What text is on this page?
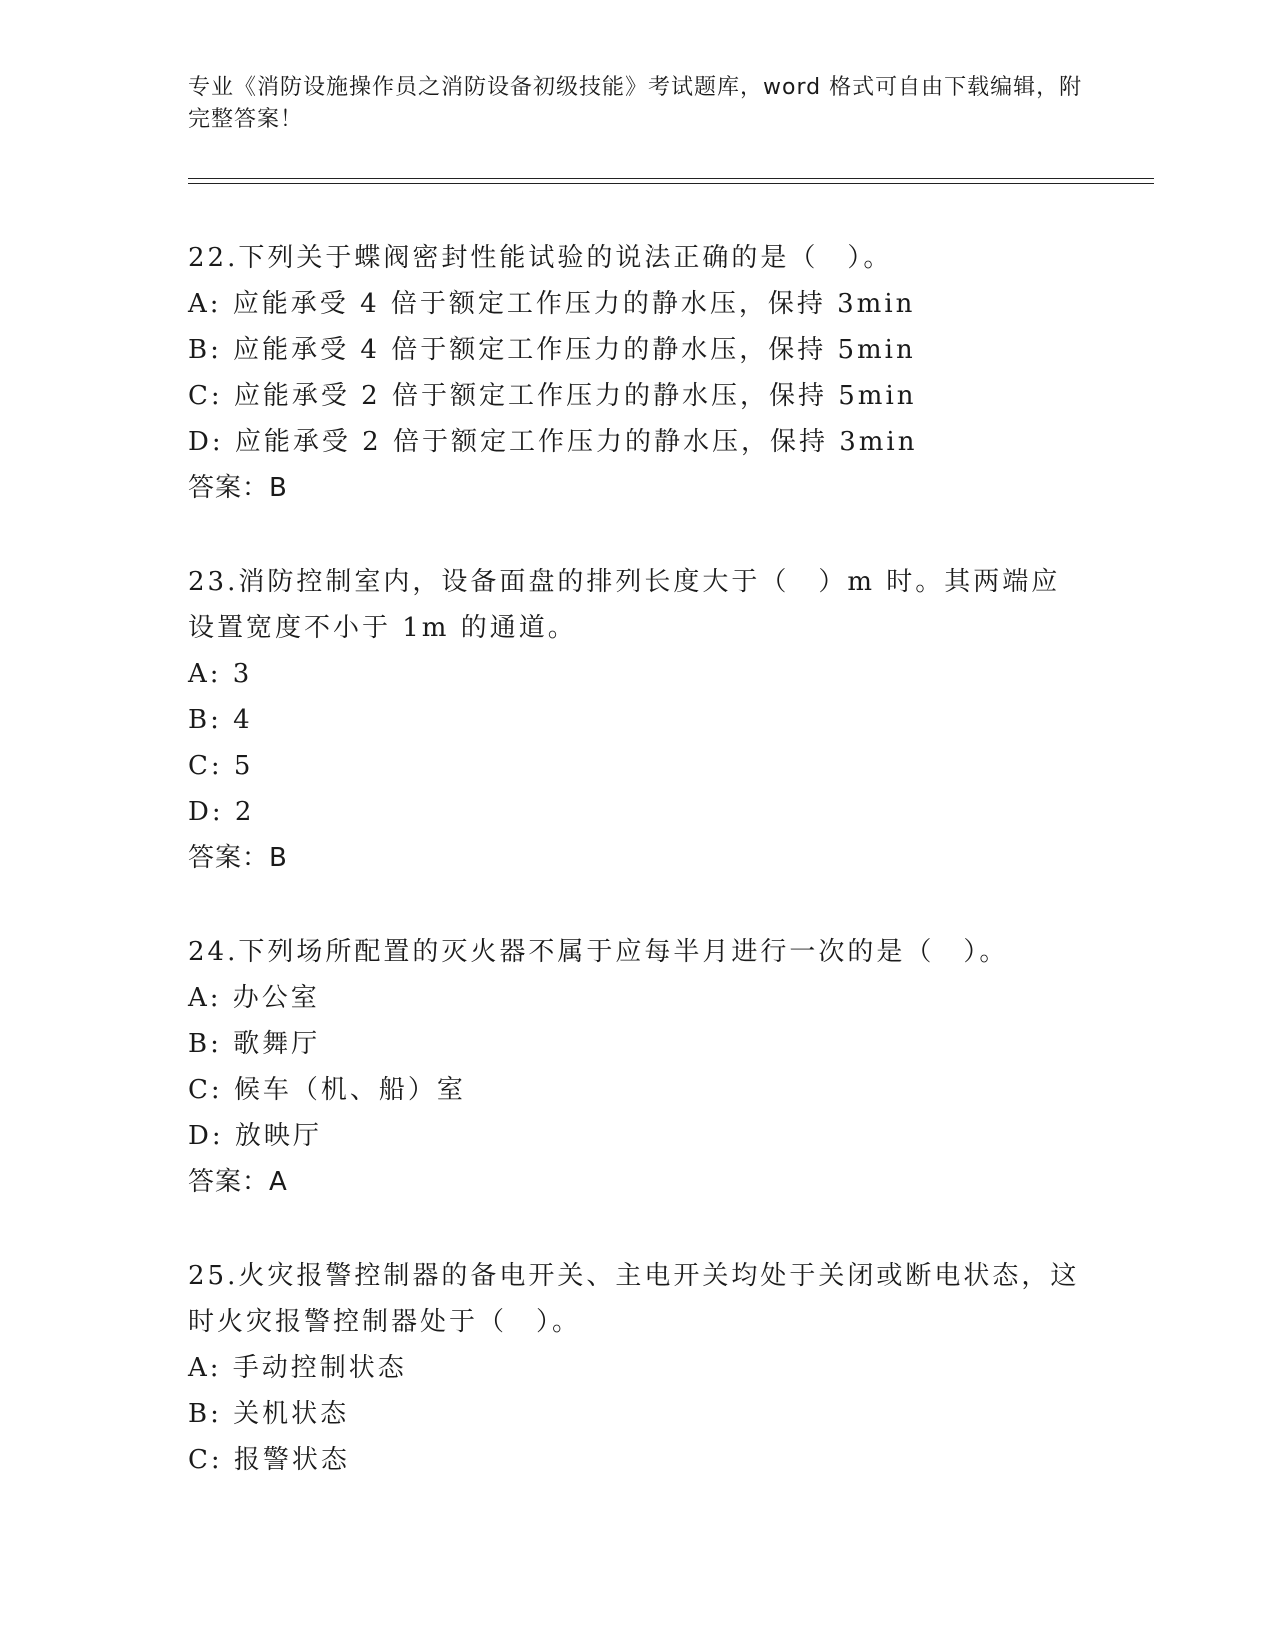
专业《消防设施操作员之消防设备初级技能》考试题库，word 格式可自由下载编辑，附完整答案！
22.下列关于蝶阀密封性能试验的说法正确的是（　）。
A: 应能承受 4 倍于额定工作压力的静水压，保持 3min
B: 应能承受 4 倍于额定工作压力的静水压，保持 5min
C: 应能承受 2 倍于额定工作压力的静水压，保持 5min
D: 应能承受 2 倍于额定工作压力的静水压，保持 3min
答案：B
23.消防控制室内，设备面盘的排列长度大于（　）m 时。其两端应设置宽度不小于 1m 的通道。
A: 3
B: 4
C: 5
D: 2
答案：B
24.下列场所配置的灭火器不属于应每半月进行一次的是（　）。
A: 办公室
B: 歌舞厅
C: 候车（机、船）室
D: 放映厅
答案：A
25.火灾报警控制器的备电开关、主电开关均处于关闭或断电状态，这时火灾报警控制器处于（　）。
A: 手动控制状态
B: 关机状态
C: 报警状态
